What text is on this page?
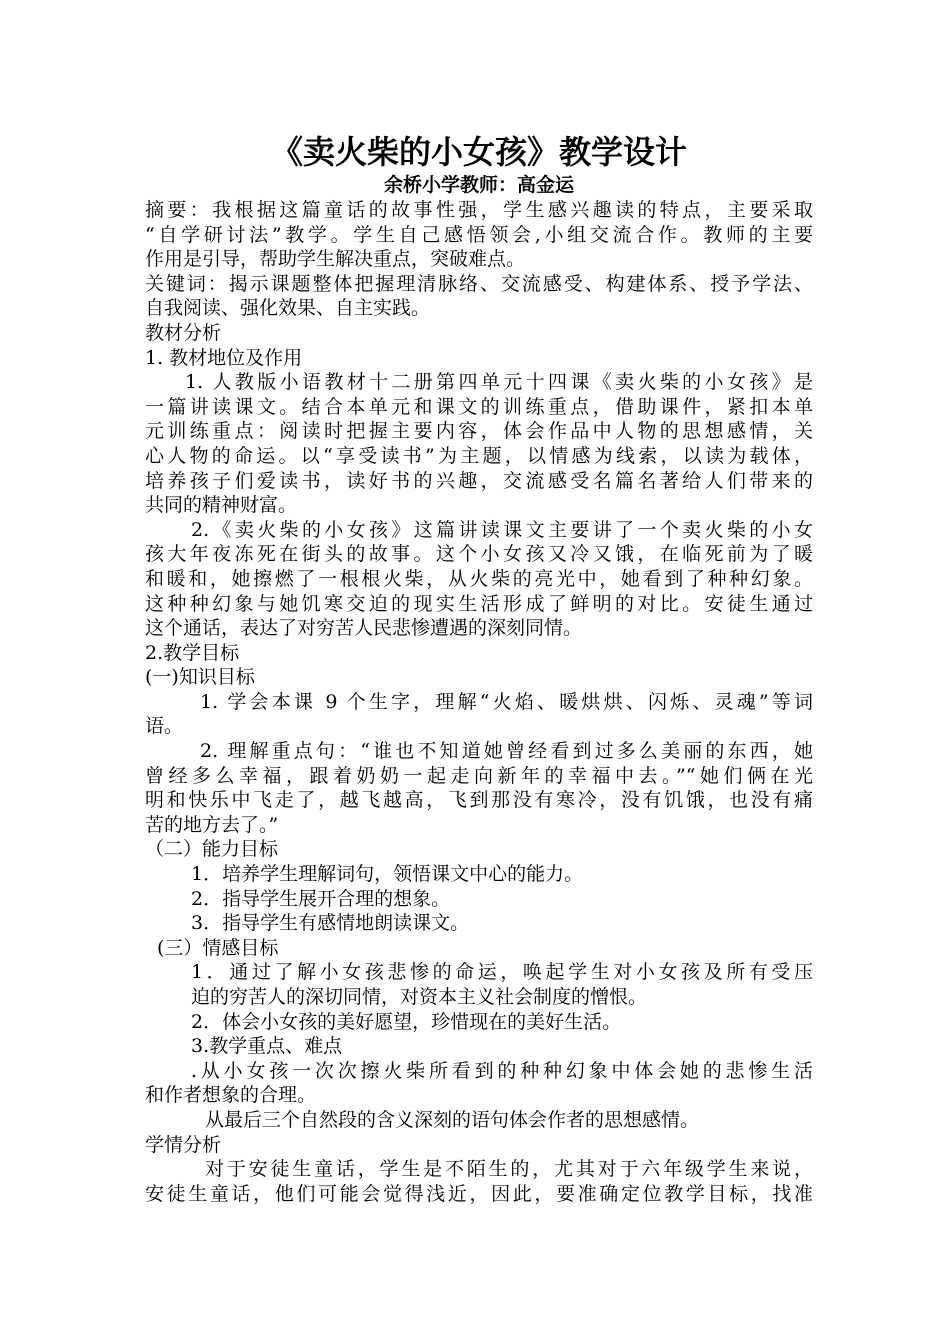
《卖火柴的小女孩》教学设计
余桥小学教师：高金运
摘要：我根据这篇童话的故事性强，学生感兴趣读的特点，主要采取
“自学研讨法”教学。学生自己感悟领会,小组交流合作。教师的主要
作用是引导，帮助学生解决重点，突破难点。
关键词：揭示课题整体把握理清脉络、交流感受、构建体系、授予学法、
自我阅读、强化效果、自主实践。
教材分析
1. 教材地位及作用
1. 人教版小语教材十二册第四单元十四课《卖火柴的小女孩》是
一篇讲读课文。结合本单元和课文的训练重点，借助课件，紧扣本单
元训练重点：阅读时把握主要内容，体会作品中人物的思想感情，关
心人物的命运。以“享受读书”为主题，以情感为线索，以读为载体，
培养孩子们爱读书，读好书的兴趣，交流感受名篇名著给人们带来的
共同的精神财富。
2.《卖火柴的小女孩》这篇讲读课文主要讲了一个卖火柴的小女
孩大年夜冻死在街头的故事。这个小女孩又冷又饿，在临死前为了暖
和暖和，她擦燃了一根根火柴，从火柴的亮光中，她看到了种种幻象。
这种种幻象与她饥寒交迫的现实生活形成了鲜明的对比。安徒生通过
这个通话，表达了对穷苦人民悲惨遭遇的深刻同情。
2.教学目标
(一)知识目标
1. 学会本课 9 个生字，理解“火焰、暖烘烘、闪烁、灵魂”等词
语。
2. 理解重点句：“谁也不知道她曾经看到过多么美丽的东西，她
曾经多么幸福，跟着奶奶一起走向新年的幸福中去。”“她们俩在光
明和快乐中飞走了，越飞越高，飞到那没有寒冷，没有饥饿，也没有痛
苦的地方去了。”
（二）能力目标
1．培养学生理解词句，领悟课文中心的能力。
2．指导学生展开合理的想象。
3．指导学生有感情地朗读课文。
(三）情感目标
1．通过了解小女孩悲惨的命运，唤起学生对小女孩及所有受压
迫的穷苦人的深切同情，对资本主义社会制度的憎恨。
2．体会小女孩的美好愿望，珍惜现在的美好生活。
3.教学重点、难点
.从小女孩一次次擦火柴所看到的种种幻象中体会她的悲惨生活
和作者想象的合理。
从最后三个自然段的含义深刻的语句体会作者的思想感情。
学情分析
对于安徒生童话，学生是不陌生的，尤其对于六年级学生来说，
安徒生童话，他们可能会觉得浅近，因此，要准确定位教学目标，找准
